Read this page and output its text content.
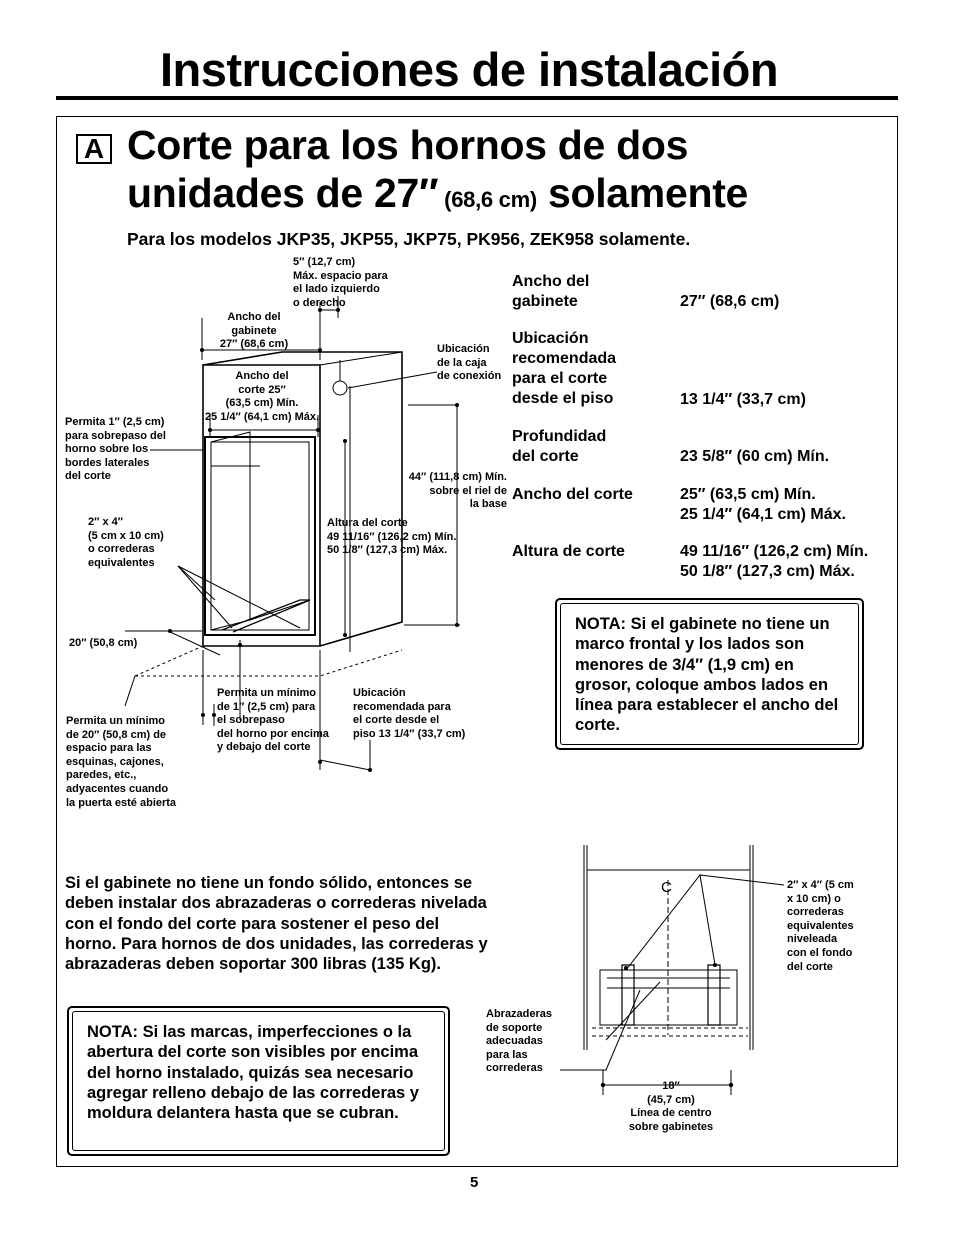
Instrucciones de instalación
A Corte para los hornos de dos
unidades de 27″ (68,6 cm) solamente
Para los modelos JKP35, JKP55, JKP75, PK956, ZEK958 solamente.
5″ (12,7 cm)
Máx. espacio para
el lado izquierdo
o derecho
Ancho del
gabinete
27″ (68,6 cm)
Ancho del
corte 25″
(63,5 cm) Mín.
25 1/4″ (64,1 cm) Máx.
Ubicación
de la caja
de conexión
Permita 1″ (2,5 cm)
para sobrepaso del
horno sobre los
bordes laterales
del corte	44″ (111,8 cm) Mín.
sobre el riel de
la base
2″ x 4″
(5 cm x 10 cm)
o correderas
equivalentes
Altura del corte
49 11/16″ (126,2 cm) Mín.
50 1/8″ (127,3 cm) Máx.
20″ (50,8 cm)
Permita un mínimo
de 1″ (2,5 cm) para
el sobrepaso
del horno por encima
y debajo del corte
Ubicación
recomendada para
el corte desde el
piso 13 1/4″ (33,7 cm)
Permita un mínimo
de 20″ (50,8 cm) de
espacio para las
esquinas, cajones,
paredes, etc.,
adyacentes cuando
la puerta esté abierta
Ancho del
gabinete	27″ (68,6 cm)
Ubicación
recomendada
para el corte
desde el piso	13 1/4″ (33,7 cm)
Profundidad
del corte	23 5/8″ (60 cm) Mín.
Ancho del corte	25″ (63,5 cm) Mín.
25 1/4″ (64,1 cm) Máx.
Altura de corte	49 11/16″ (126,2 cm) Mín.
50 1/8″ (127,3 cm) Máx.
NOTA: Si el gabinete no tiene un marco frontal y los lados son menores de 3/4″ (1,9 cm) en grosor, coloque ambos lados en línea para establecer el ancho del corte.
Si el gabinete no tiene un fondo sólido, entonces se deben instalar dos abrazaderas o correderas nivelada con el fondo del corte para sostener el peso del horno. Para hornos de dos unidades, las correderas y abrazaderas deben soportar 300 libras (135 Kg).
NOTA: Si las marcas, imperfecciones o la abertura del corte son visibles por encima del horno instalado, quizás sea necesario agregar relleno debajo de las correderas y moldura delantera hasta que se cubran.
C
Abrazaderas
de soporte
adecuadas
para las
correderas
2″ x 4″ (5 cm
x 10 cm) o
correderas
equivalentes
niveleada
con el fondo
del corte
18″
(45,7 cm)
Línea de centro
sobre gabinetes
5
